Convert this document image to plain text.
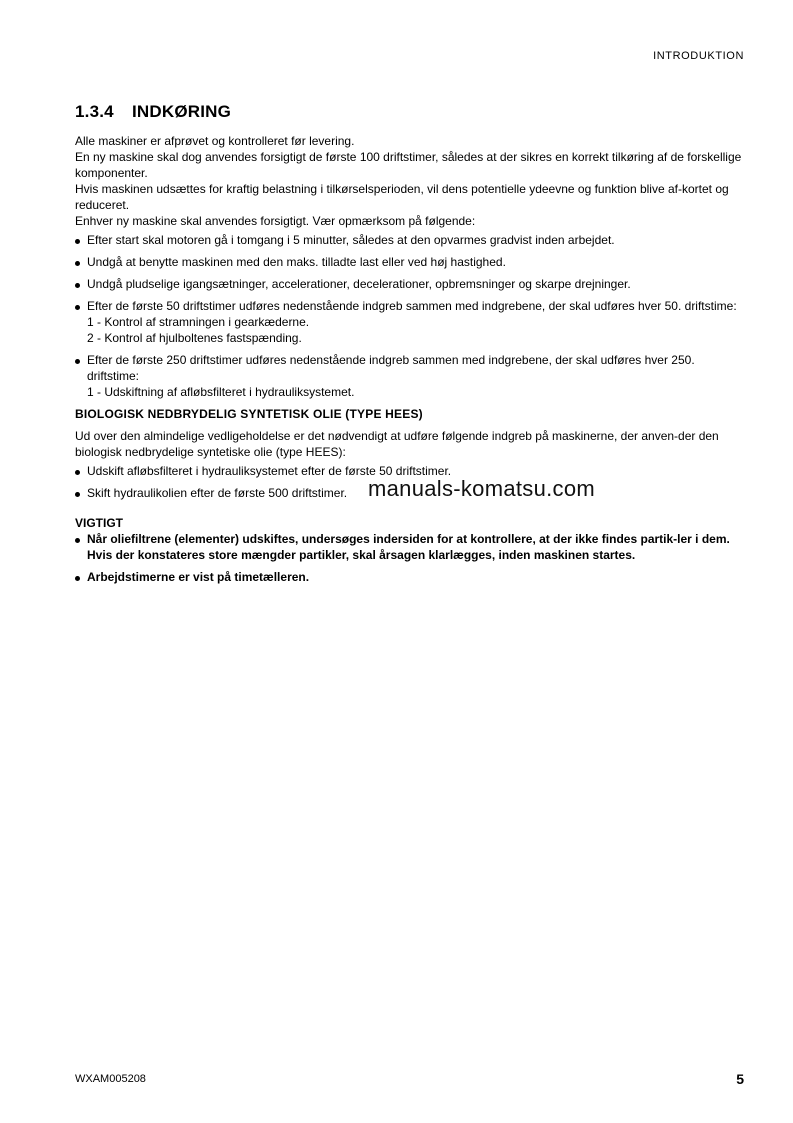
INTRODUKTION
1.3.4 INDKØRING

Alle maskiner er afprøvet og kontrolleret før levering.

En ny maskine skal dog anvendes forsigtigt de første 100 driftstimer, således at der sikres en korrekt tilkøring af de forskellige komponenter.

Hvis maskinen udsættes for kraftig belastning i tilkørselsperioden, vil dens potentielle ydeevne og funktion blive af-kortet og reduceret.

Enhver ny maskine skal anvendes forsigtigt. Vær opmærksom på følgende:

Efter start skal motoren gå i tomgang i 5 minutter, således at den opvarmes gradvist inden arbejdet.
Undgå at benytte maskinen med den maks. tilladte last eller ved høj hastighed.
Undgå pludselige igangsætninger, accelerationer, decelerationer, opbremsninger og skarpe drejninger.
Efter de første 50 driftstimer udføres nedenstående indgreb sammen med indgrebene, der skal udføres hver 50. driftstime:
1 - Kontrol af stramningen i gearkæderne.
2 - Kontrol af hjulboltenes fastspænding.
Efter de første 250 driftstimer udføres nedenstående indgreb sammen med indgrebene, der skal udføres hver 250. driftstime:
1 - Udskiftning af afløbsfilteret i hydrauliksystemet.
BIOLOGISK NEDBRYDELIG SYNTETISK OLIE (TYPE HEES)

Ud over den almindelige vedligeholdelse er det nødvendigt at udføre følgende indgreb på maskinerne, der anven-der den biologisk nedbrydelige syntetiske olie (type HEES):

Udskift afløbsfilteret i hydrauliksystemet efter de første 50 driftstimer.
Skift hydraulikolien efter de første 500 driftstimer.
VIGTIGT
Når oliefiltrene (elementer) udskiftes, undersøges indersiden for at kontrollere, at der ikke findes partik-ler i dem.
Hvis der konstateres store mængder partikler, skal årsagen klarlægges, inden maskinen startes.
Arbejdstimerne er vist på timetælleren.
manuals-komatsu.com
WXAM005208	5
